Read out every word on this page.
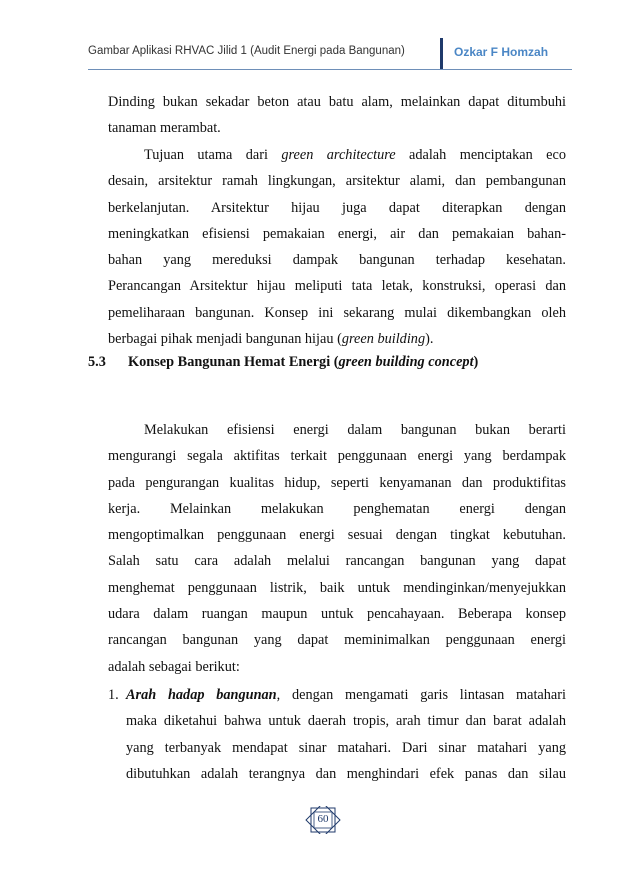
Gambar Aplikasi RHVAC Jilid 1 (Audit Energi pada Bangunan)	Ozkar F Homzah
Dinding bukan sekadar beton atau batu alam, melainkan dapat ditumbuhi
tanaman merambat.
Tujuan utama dari green architecture adalah menciptakan eco
desain, arsitektur ramah lingkungan, arsitektur alami, dan pembangunan
berkelanjutan. Arsitektur hijau juga dapat diterapkan dengan
meningkatkan efisiensi pemakaian energi, air dan pemakaian bahan-
bahan yang mereduksi dampak bangunan terhadap kesehatan.
Perancangan Arsitektur hijau meliputi tata letak, konstruksi, operasi dan
pemeliharaan bangunan. Konsep ini sekarang mulai dikembangkan oleh
berbagai pihak menjadi bangunan hijau (green building).
5.3 Konsep Bangunan Hemat Energi (green building concept)
Melakukan efisiensi energi dalam bangunan bukan berarti
mengurangi segala aktifitas terkait penggunaan energi yang berdampak
pada pengurangan kualitas hidup, seperti kenyamanan dan produktifitas
kerja. Melainkan melakukan penghematan energi dengan
mengoptimalkan penggunaan energi sesuai dengan tingkat kebutuhan.
Salah satu cara adalah melalui rancangan bangunan yang dapat
menghemat penggunaan listrik, baik untuk mendinginkan/menyejukkan
udara dalam ruangan maupun untuk pencahayaan. Beberapa konsep
rancangan bangunan yang dapat meminimalkan penggunaan energi
adalah sebagai berikut:
1. Arah hadap bangunan, dengan mengamati garis lintasan matahari
maka diketahui bahwa untuk daerah tropis, arah timur dan barat adalah
yang terbanyak mendapat sinar matahari. Dari sinar matahari yang
dibutuhkan adalah terangnya dan menghindari efek panas dan silau
60
